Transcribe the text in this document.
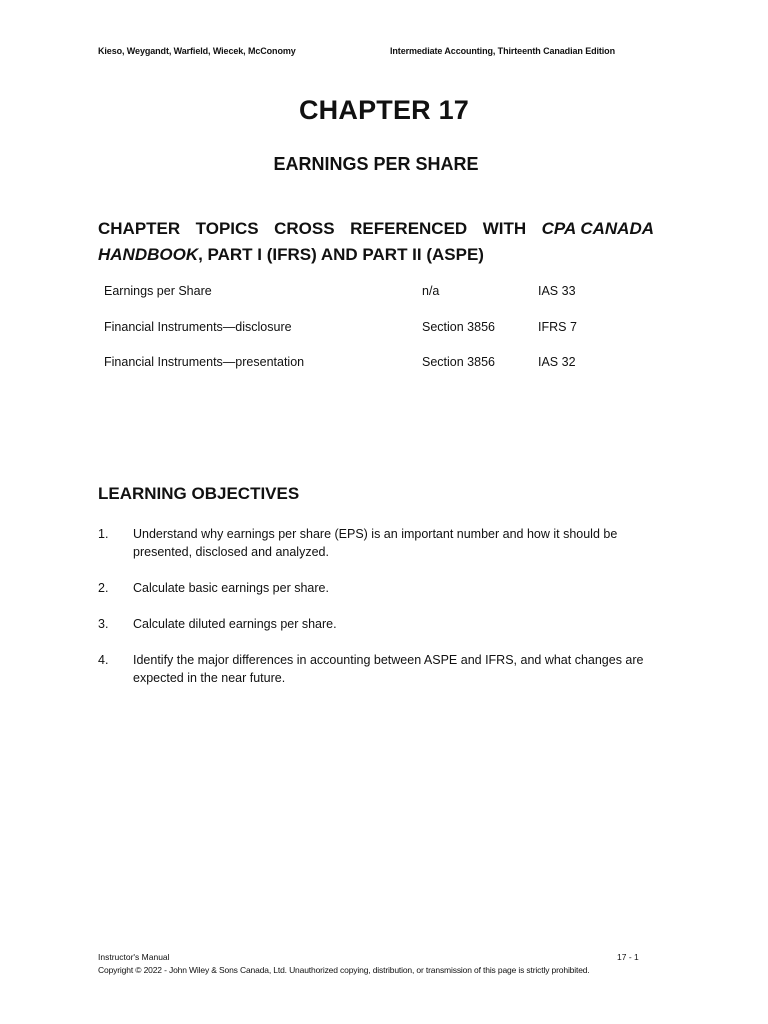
Kieso, Weygandt, Warfield, Wiecek, McConomy	Intermediate Accounting, Thirteenth Canadian Edition
CHAPTER 17
EARNINGS PER SHARE
CHAPTER TOPICS CROSS REFERENCED WITH CPA CANADA
HANDBOOK, PART I (IFRS) AND PART II (ASPE)
Earnings per Share	n/a	IAS 33
Financial Instruments—disclosure	Section 3856	IFRS 7
Financial Instruments—presentation	Section 3856	IAS 32
LEARNING OBJECTIVES
1. Understand why earnings per share (EPS) is an important number and how it should be presented, disclosed and analyzed.
2. Calculate basic earnings per share.
3. Calculate diluted earnings per share.
4. Identify the major differences in accounting between ASPE and IFRS, and what changes are expected in the near future.
Instructor's Manual	17 - 1
Copyright © 2022 - John Wiley & Sons Canada, Ltd. Unauthorized copying, distribution, or transmission of this page is strictly prohibited.
